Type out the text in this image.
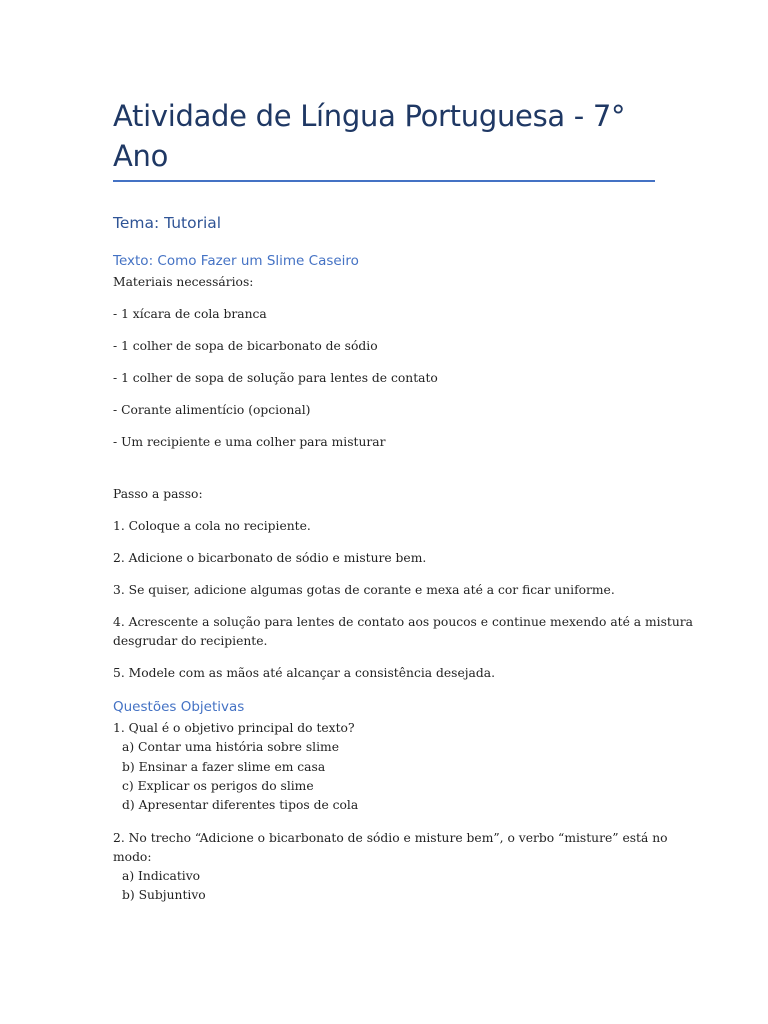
Atividade de Língua Portuguesa - 7° Ano
Tema: Tutorial
Texto: Como Fazer um Slime Caseiro

Materiais necessários:

- 1 xícara de cola branca

- 1 colher de sopa de bicarbonato de sódio

- 1 colher de sopa de solução para lentes de contato

- Corante alimentício (opcional)

- Um recipiente e uma colher para misturar

Passo a passo:

1. Coloque a cola no recipiente.

2. Adicione o bicarbonato de sódio e misture bem.

3. Se quiser, adicione algumas gotas de corante e mexa até a cor ficar uniforme.

4. Acrescente a solução para lentes de contato aos poucos e continue mexendo até a mistura

desgrudar do recipiente.

5. Modele com as mãos até alcançar a consistência desejada.

Questões Objetivas

1. Qual é o objetivo principal do texto?

a) Contar uma história sobre slime

b) Ensinar a fazer slime em casa

c) Explicar os perigos do slime

d) Apresentar diferentes tipos de cola

2. No trecho “Adicione o bicarbonato de sódio e misture bem”, o verbo “misture” está no

modo:

a) Indicativo

b) Subjuntivo
